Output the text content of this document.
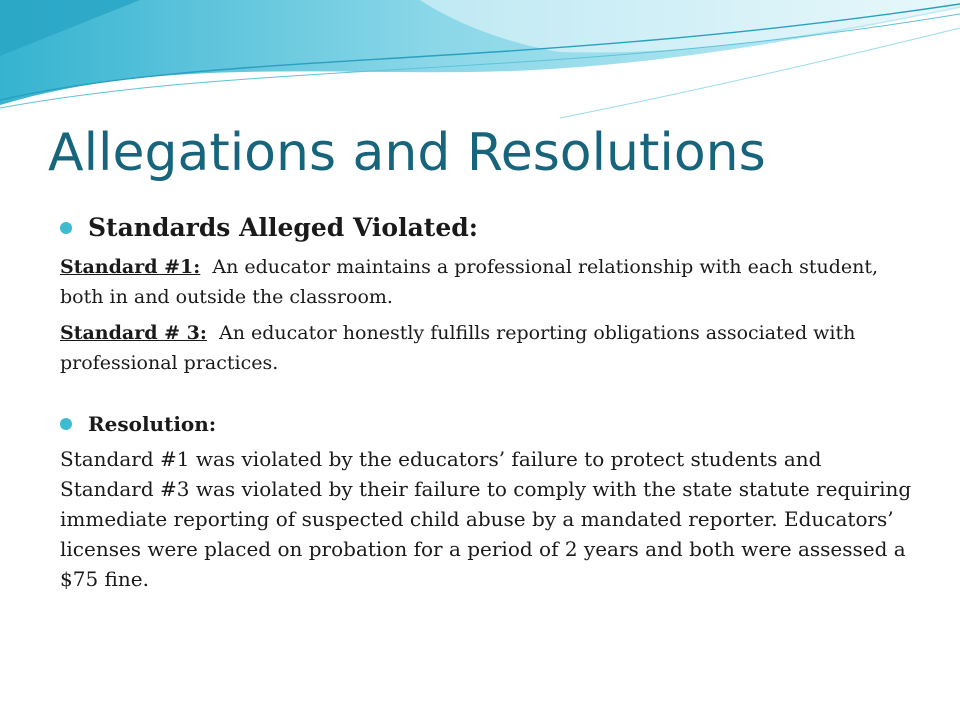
Allegations and Resolutions
Standards Alleged Violated:

Standard #1: An educator maintains a professional relationship with each student, both in and outside the classroom.

Standard # 3: An educator honestly fulfills reporting obligations associated with professional practices.

Resolution:

Standard #1 was violated by the educators’ failure to protect students and Standard #3 was violated by their failure to comply with the state statute requiring immediate reporting of suspected child abuse by a mandated reporter. Educators’ licenses were placed on probation for a period of 2 years and both were assessed a $75 fine.
